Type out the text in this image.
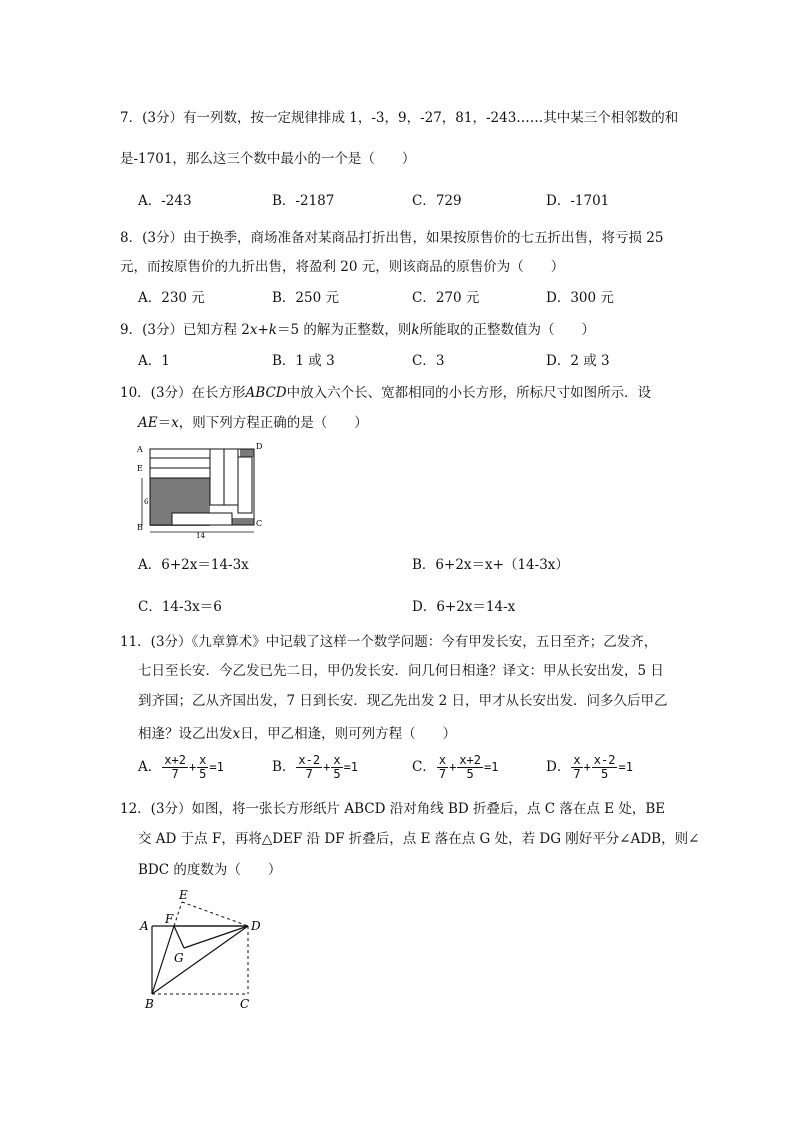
7．(3分）有一列数，按一定规律排成 1，-3，9，-27，81，-243……其中某三个相邻数的和
是-1701，那么这三个数中最小的一个是（　　）
A．-243	B．-2187	C．729	D．-1701
8．(3分）由于换季，商场准备对某商品打折出售，如果按原售价的七五折出售，将亏损 25
元，而按原售价的九折出售，将盈利 20 元，则该商品的原售价为（　　）
A．230 元	B．250 元	C．270 元	D．300 元
9．(3分）已知方程 2x+k＝5 的解为正整数，则k所能取的正整数值为（　　）
A．1	B．1 或 3	C．3	D．2 或 3
10．(3分）在长方形ABCD中放入六个长、宽都相同的小长方形，所标尺寸如图所示．设
AE＝x，则下列方程正确的是（　　）
A
E
B	C
D
6
14
A．6+2x＝14-3x	B．6+2x＝x+（14-3x）
C．14-3x＝6	D．6+2x＝14-x
11．(3分）《九章算术》中记载了这样一个数学问题：今有甲发长安，五日至齐；乙发齐，
七日至长安．今乙发已先二日，甲仍发长安．问几何日相逢？译文：甲从长安出发，5 日
到齐国；乙从齐国出发，7 日到长安．现乙先出发 2 日，甲才从长安出发．问多久后甲乙
相逢？设乙出发x日，甲乙相逢，则可列方程（　　）
A． $\frac{x+2}{7} + \frac{x}{5} =1$	B． $\frac{x-2}{7} + \frac{x}{5} =1$	C． $\frac{x}{7} + \frac{x+2}{5} =1$	D． $\frac{x}{7} + \frac{x-2}{5} =1$
12．(3分）如图，将一张长方形纸片 ABCD 沿对角线 BD 折叠后，点 C 落在点 E 处，BE
交 AD 于点 F，再将△DEF 沿 DF 折叠后，点 E 落在点 G 处，若 DG 刚好平分∠ADB，则∠
BDC 的度数为（　　）
A
B	C
D
E
F
G
